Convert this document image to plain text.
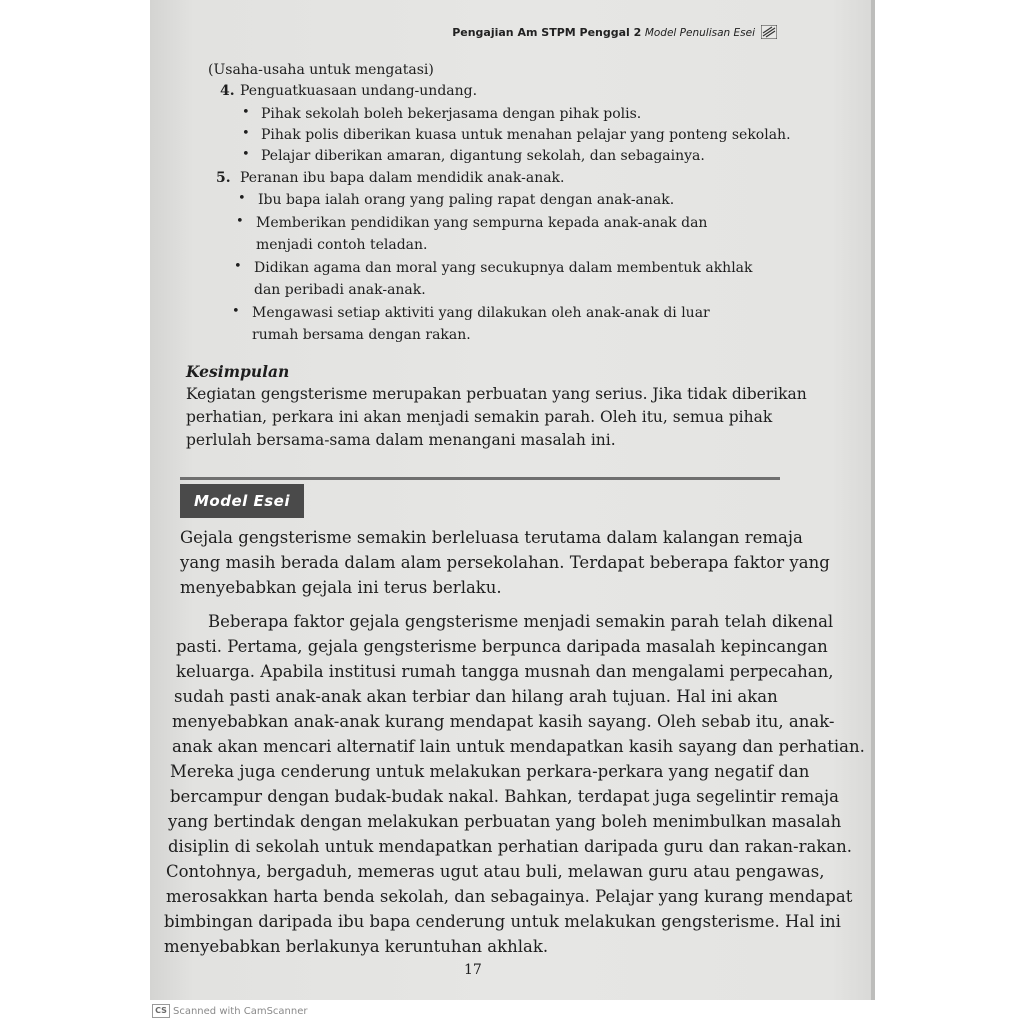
Pengajian Am STPM Penggal 2 Model Penulisan Esei
(Usaha-usaha untuk mengatasi)
4. Penguatkuasaan undang-undang.
• Pihak sekolah boleh bekerjasama dengan pihak polis.
• Pihak polis diberikan kuasa untuk menahan pelajar yang ponteng sekolah.
• Pelajar diberikan amaran, digantung sekolah, dan sebagainya.
5. Peranan ibu bapa dalam mendidik anak-anak.
• Ibu bapa ialah orang yang paling rapat dengan anak-anak.
• Memberikan pendidikan yang sempurna kepada anak-anak dan
menjadi contoh teladan.
• Didikan agama dan moral yang secukupnya dalam membentuk akhlak
dan peribadi anak-anak.
• Mengawasi setiap aktiviti yang dilakukan oleh anak-anak di luar
rumah bersama dengan rakan.
Kesimpulan
Kegiatan gengsterisme merupakan perbuatan yang serius. Jika tidak diberikan
perhatian, perkara ini akan menjadi semakin parah. Oleh itu, semua pihak
perlulah bersama-sama dalam menangani masalah ini.
Model Esei
Gejala gengsterisme semakin berleluasa terutama dalam kalangan remaja
yang masih berada dalam alam persekolahan. Terdapat beberapa faktor yang
menyebabkan gejala ini terus berlaku.
Beberapa faktor gejala gengsterisme menjadi semakin parah telah dikenal
pasti. Pertama, gejala gengsterisme berpunca daripada masalah kepincangan
keluarga. Apabila institusi rumah tangga musnah dan mengalami perpecahan,
sudah pasti anak-anak akan terbiar dan hilang arah tujuan. Hal ini akan
menyebabkan anak-anak kurang mendapat kasih sayang. Oleh sebab itu, anak-
anak akan mencari alternatif lain untuk mendapatkan kasih sayang dan perhatian.
Mereka juga cenderung untuk melakukan perkara-perkara yang negatif dan
bercampur dengan budak-budak nakal. Bahkan, terdapat juga segelintir remaja
yang bertindak dengan melakukan perbuatan yang boleh menimbulkan masalah
disiplin di sekolah untuk mendapatkan perhatian daripada guru dan rakan-rakan.
Contohnya, bergaduh, memeras ugut atau buli, melawan guru atau pengawas,
merosakkan harta benda sekolah, dan sebagainya. Pelajar yang kurang mendapat
bimbingan daripada ibu bapa cenderung untuk melakukan gengsterisme. Hal ini
menyebabkan berlakunya keruntuhan akhlak.
17
CS Scanned with CamScanner
